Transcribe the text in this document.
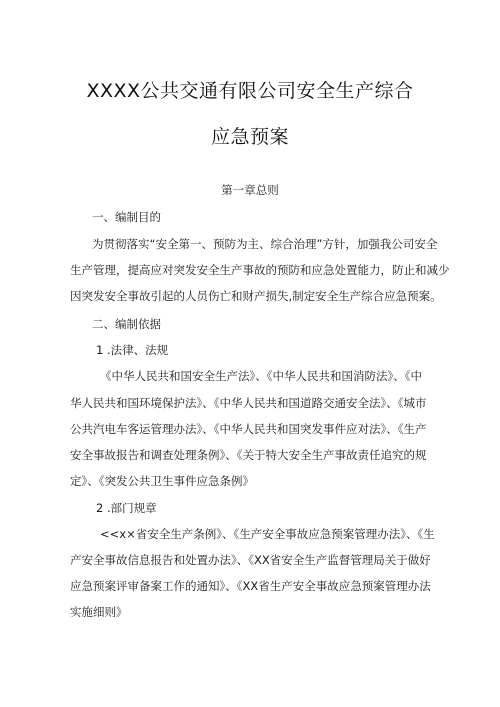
XXXX公共交通有限公司安全生产综合
应急预案
第一章总则
一、编制目的
为贯彻落实“安全第一、预防为主、综合治理”方针，加强我公司安全
生产管理，提高应对突发安全生产事故的预防和应急处置能力，防止和减少
因突发安全事故引起的人员伤亡和财产损失,制定安全生产综合应急预案。
二、编制依据
1 .法律、法规
《中华人民共和国安全生产法》、《中华人民共和国消防法》、《中
华人民共和国环境保护法》、《中华人民共和国道路交通安全法》、《城市
公共汽电车客运管理办法》、《中华人民共和国突发事件应对法》、《生产
安全事故报告和调查处理条例》、《关于特大安全生产事故责任追究的规
定》、《突发公共卫生事件应急条例》
2 .部门规章
<<x×省安全生产条例》、《生产安全事故应急预案管理办法》、《生
产安全事故信息报告和处置办法》、《XX省安全生产监督管理局关于做好
应急预案评审备案工作的通知》、《XX省生产安全事故应急预案管理办法
实施细则》
